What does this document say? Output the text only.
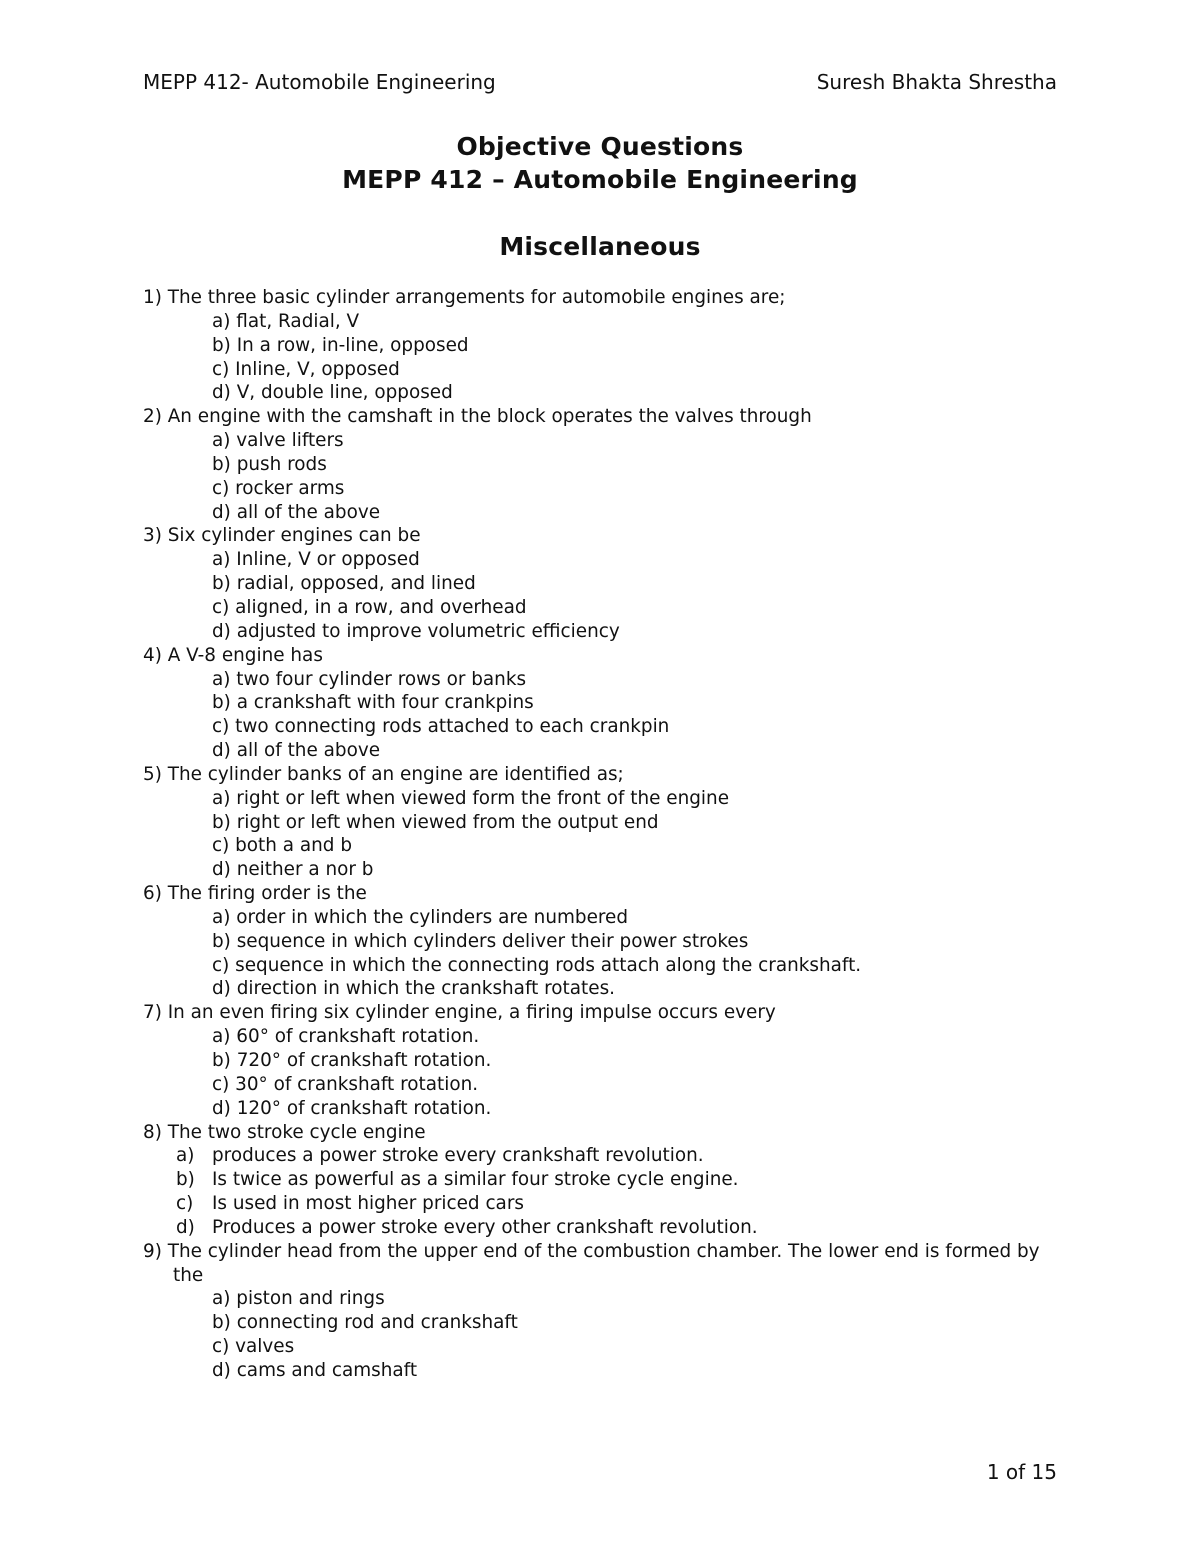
MEPP 412- Automobile Engineering	Suresh Bhakta Shrestha
Objective Questions
MEPP 412 – Automobile Engineering
Miscellaneous

1) The three basic cylinder arrangements for automobile engines are;

a) flat, Radial, V

b) In a row, in-line, opposed

c) Inline, V, opposed

d) V, double line, opposed

2) An engine with the camshaft in the block operates the valves through

a) valve lifters

b) push rods

c) rocker arms

d) all of the above

3) Six cylinder engines can be

a) Inline, V or opposed

b) radial, opposed, and lined

c) aligned, in a row, and overhead

d) adjusted to improve volumetric efficiency

4) A V-8 engine has

a) two four cylinder rows or banks

b) a crankshaft with four crankpins

c) two connecting rods attached to each crankpin

d) all of the above

5) The cylinder banks of an engine are identified as;

a) right or left when viewed form the front of the engine

b) right or left when viewed from the output end

c) both a and b

d) neither a nor b

6) The firing order is the

a) order in which the cylinders are numbered

b) sequence in which cylinders deliver their power strokes

c) sequence in which the connecting rods attach along the crankshaft.

d) direction in which the crankshaft rotates.

7) In an even firing six cylinder engine, a firing impulse occurs every

a) 60° of crankshaft rotation.

b) 720° of crankshaft rotation.

c) 30° of crankshaft rotation.

d) 120° of crankshaft rotation.

8) The two stroke cycle engine

a) produces a power stroke every crankshaft revolution.

b) Is twice as powerful as a similar four stroke cycle engine.

c)	Is used in most higher priced cars

d) Produces a power stroke every other crankshaft revolution.

9) The cylinder head from the upper end of the combustion chamber. The lower end is formed by the

a) piston and rings

b) connecting rod and crankshaft

c) valves

d) cams and camshaft

1 of 15
